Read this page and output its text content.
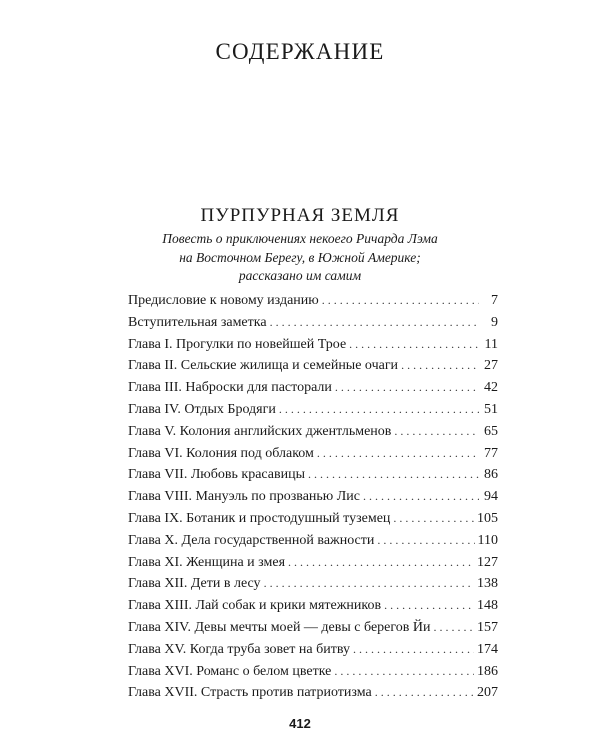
СОДЕРЖАНИЕ
ПУРПУРНАЯ ЗЕМЛЯ
Повесть о приключениях некоего Ричарда Лэма
на Восточном Берегу, в Южной Америке;
рассказано им самим
Предисловие к новому изданию . . .	7
Вступительная заметка . . .	9
Глава I. Прогулки по новейшей Трое . . .	11
Глава II. Сельские жилища и семейные очаги . . .	27
Глава III. Наброски для пасторали . . .	42
Глава IV. Отдых Бродяги . . .	51
Глава V. Колония английских джентльменов . . .	65
Глава VI. Колония под облаком . . .	77
Глава VII. Любовь красавицы . . .	86
Глава VIII. Мануэль по прозванью Лис . . .	94
Глава IX. Ботаник и простодушный туземец . . .	105
Глава X. Дела государственной важности . . .	110
Глава XI. Женщина и змея . . .	127
Глава XII. Дети в лесу . . .	138
Глава XIII. Лай собак и крики мятежников . . .	148
Глава XIV. Девы мечты моей — девы с берегов Йи . . .	157
Глава XV. Когда труба зовет на битву . . .	174
Глава XVI. Романс о белом цветке . . .	186
Глава XVII. Страсть против патриотизма . . .	207
412
